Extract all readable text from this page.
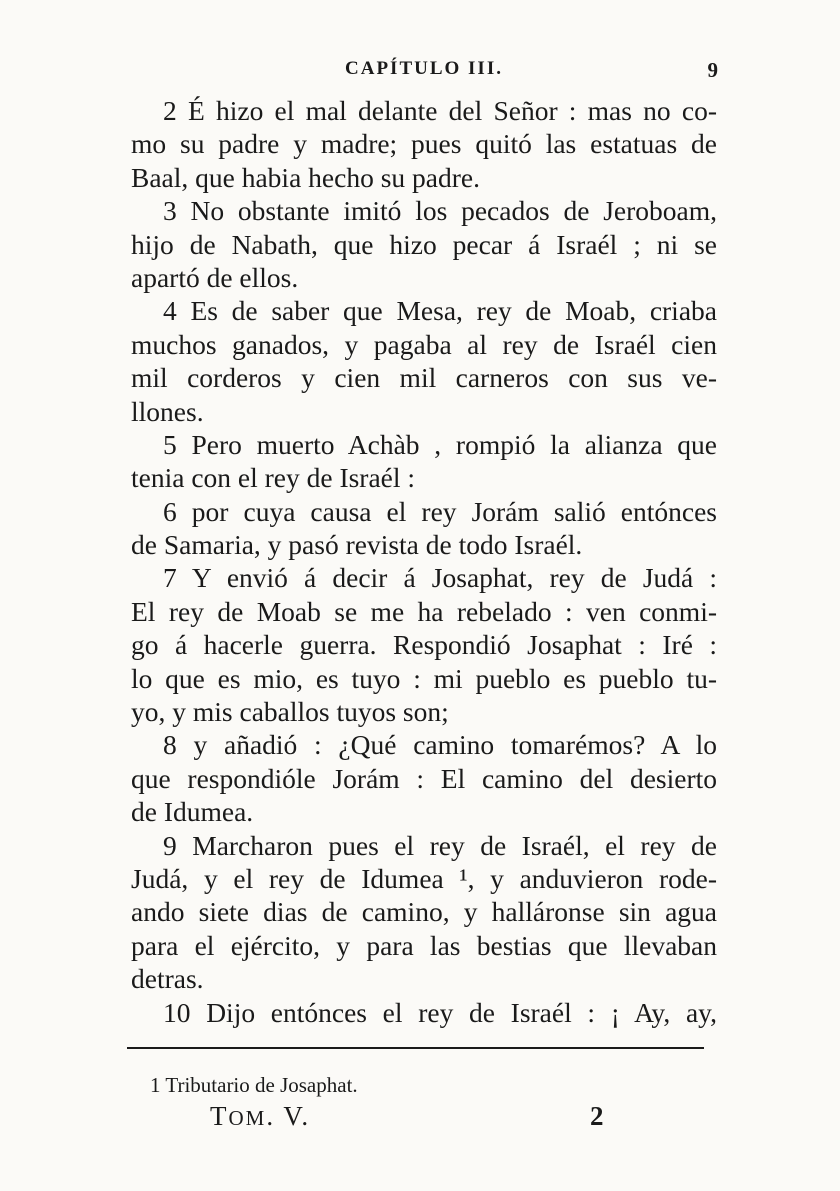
CAPÍTULO III.	9
2 É hizo el mal delante del Señor : mas no co-
mo su padre y madre; pues quitó las estatuas de
Baal, que habia hecho su padre.
3 No obstante imitó los pecados de Jeroboam,
hijo de Nabath, que hizo pecar á Israél ; ni se
apartó de ellos.
4 Es de saber que Mesa, rey de Moab, criaba
muchos ganados, y pagaba al rey de Israél cien
mil corderos y cien mil carneros con sus ve-
llones.
5 Pero muerto Achàb , rompió la alianza que
tenia con el rey de Israél :
6 por cuya causa el rey Jorám salió entónces
de Samaria, y pasó revista de todo Israél.
7 Y envió á decir á Josaphat, rey de Judá :
El rey de Moab se me ha rebelado : ven conmi-
go á hacerle guerra. Respondió Josaphat : Iré :
lo que es mio, es tuyo : mi pueblo es pueblo tu-
yo, y mis caballos tuyos son;
8 y añadió : ¿Qué camino tomarémos? A lo
que respondióle Jorám : El camino del desierto
de Idumea.
9 Marcharon pues el rey de Israél, el rey de
Judá, y el rey de Idumea ¹, y anduvieron rode-
ando siete dias de camino, y halláronse sin agua
para el ejército, y para las bestias que llevaban
detras.
10 Dijo entónces el rey de Israél : ¡ Ay, ay,
1 Tributario de Josaphat.
TOM. V.	2
